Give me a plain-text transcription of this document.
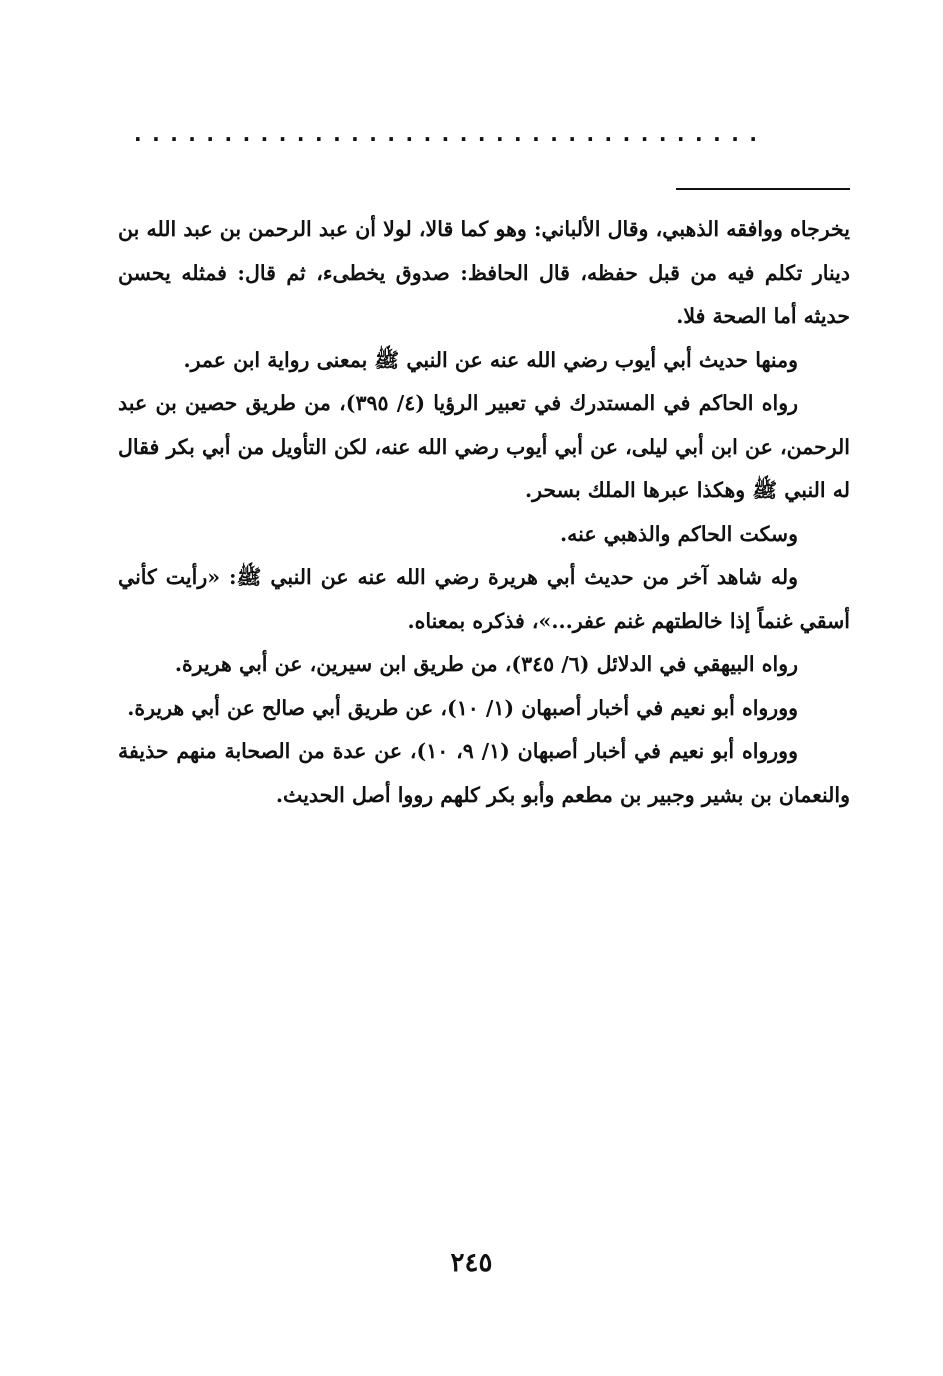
...................................

يخرجاه ووافقه الذهبي، وقال الألباني: وهو كما قالا، لولا أن عبد الرحمن بن عبد الله بن دينار تكلم فيه من قبل حفظه، قال الحافظ: صدوق يخطىء، ثم قال: فمثله يحسن حديثه أما الصحة فلا.

ومنها حديث أبي أيوب رضي الله عنه عن النبي ﷺ بمعنى رواية ابن عمر.

رواه الحاكم في المستدرك في تعبير الرؤيا (٤/ ٣٩٥)، من طريق حصين بن عبد الرحمن، عن ابن أبي ليلى، عن أبي أيوب رضي الله عنه، لكن التأويل من أبي بكر فقال له النبي ﷺ وهكذا عبرها الملك بسحر.

وسكت الحاكم والذهبي عنه.

وله شاهد آخر من حديث أبي هريرة رضي الله عنه عن النبي ﷺ: «رأيت كأني أسقي غنماً إذا خالطتهم غنم عفر...»، فذكره بمعناه.

رواه البيهقي في الدلائل (٦/ ٣٤٥)، من طريق ابن سيرين، عن أبي هريرة.

وورواه أبو نعيم في أخبار أصبهان (١/ ١٠)، عن طريق أبي صالح عن أبي هريرة.

وورواه أبو نعيم في أخبار أصبهان (١/ ٩، ١٠)، عن عدة من الصحابة منهم حذيفة والنعمان بن بشير وجبير بن مطعم وأبو بكر كلهم رووا أصل الحديث.

٢٤٥
